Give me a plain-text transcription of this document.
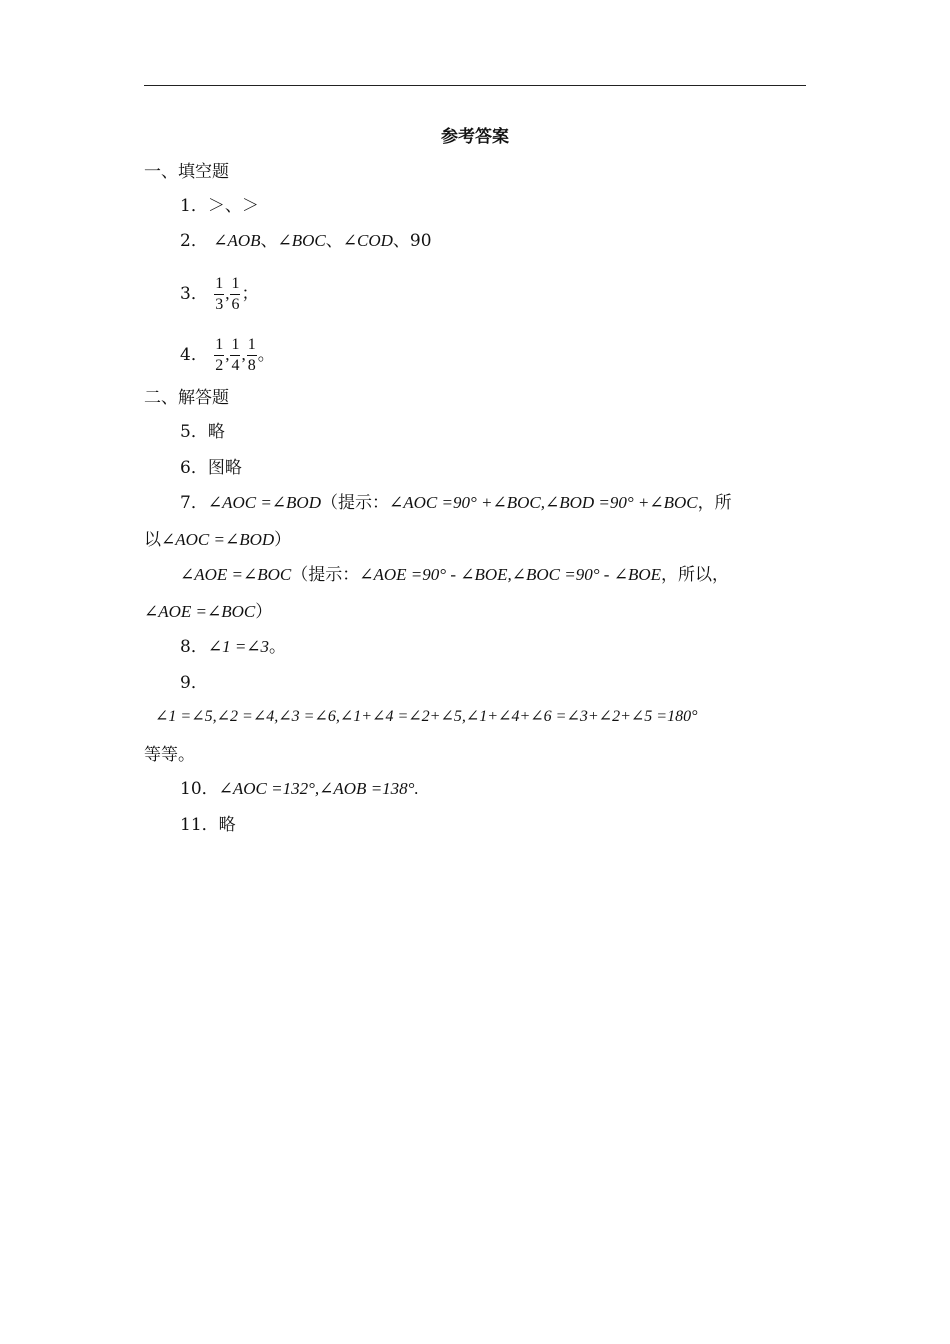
参考答案
一、填空题
1．＞、＞
2． ∠AOB、∠BOC、∠COD、90
3． $\frac{1}{3}$ , $\frac{1}{6}$ ；
4． $\frac{1}{2}$ , $\frac{1}{4}$ , $\frac{1}{8}$ 。
二、解答题
5．略
6．图略
7．∠AOC =∠BOD（提示：∠AOC =90° +∠BOC,∠BOD =90° +∠BOC，所
以∠AOC =∠BOD）
∠AOE =∠BOC（提示：∠AOE =90° - ∠BOE,∠BOC =90° - ∠BOE，所以，
∠AOE =∠BOC）
8．∠1 =∠3。
9．
∠1 =∠5,∠2 =∠4,∠3 =∠6,∠1+∠4 =∠2+∠5,∠1+∠4+∠6 =∠3+∠2+∠5 =180°
等等。
10．∠AOC =132°,∠AOB =138°.
11．略
